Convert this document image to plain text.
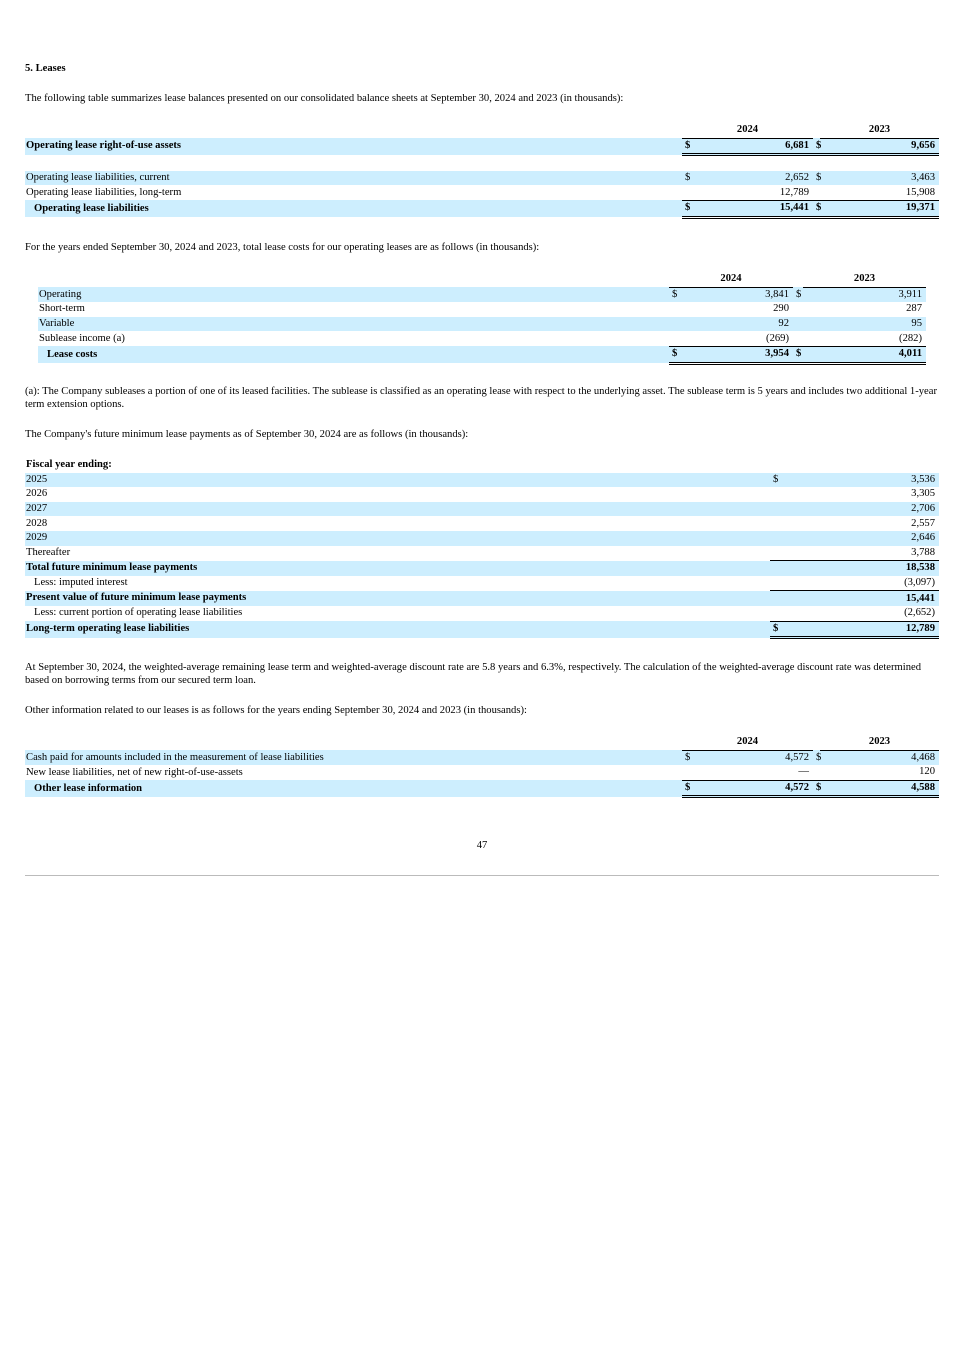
5. Leases
The following table summarizes lease balances presented on our consolidated balance sheets at September 30, 2024 and 2023 (in thousands):
	2024			2023
Operating lease right-of-use assets	$	6,681	$	9,656

Operating lease liabilities, current	$	2,652	$	3,463
Operating lease liabilities, long-term		12,789		15,908
Operating lease liabilities	$	15,441	$	19,371
For the years ended September 30, 2024 and 2023, total lease costs for our operating leases are as follows (in thousands):
	2024			2023
Operating	$	3,841	$	3,911
Short-term		290		287
Variable		92		95
Sublease income (a)		(269)		(282)
Lease costs	$	3,954	$	4,011
(a): The Company subleases a portion of one of its leased facilities. The sublease is classified as an operating lease with respect to the underlying asset. The sublease term is 5 years and includes two additional 1-year term extension options.
The Company's future minimum lease payments as of September 30, 2024 are as follows (in thousands):
Fiscal year ending:		
2025	$	3,536
2026		3,305
2027		2,706
2028		2,557
2029		2,646
Thereafter		3,788
Total future minimum lease payments		18,538
Less: imputed interest		(3,097)
Present value of future minimum lease payments		15,441
Less: current portion of operating lease liabilities		(2,652)
Long-term operating lease liabilities	$	12,789
At September 30, 2024, the weighted-average remaining lease term and weighted-average discount rate are 5.8 years and 6.3%, respectively. The calculation of the weighted-average discount rate was determined based on borrowing terms from our secured term loan.
Other information related to our leases is as follows for the years ending September 30, 2024 and 2023 (in thousands):
	2024			2023
Cash paid for amounts included in the measurement of lease liabilities	$	4,572	$	4,468
New lease liabilities, net of new right-of-use-assets		—		120
Other lease information	$	4,572	$	4,588
47
